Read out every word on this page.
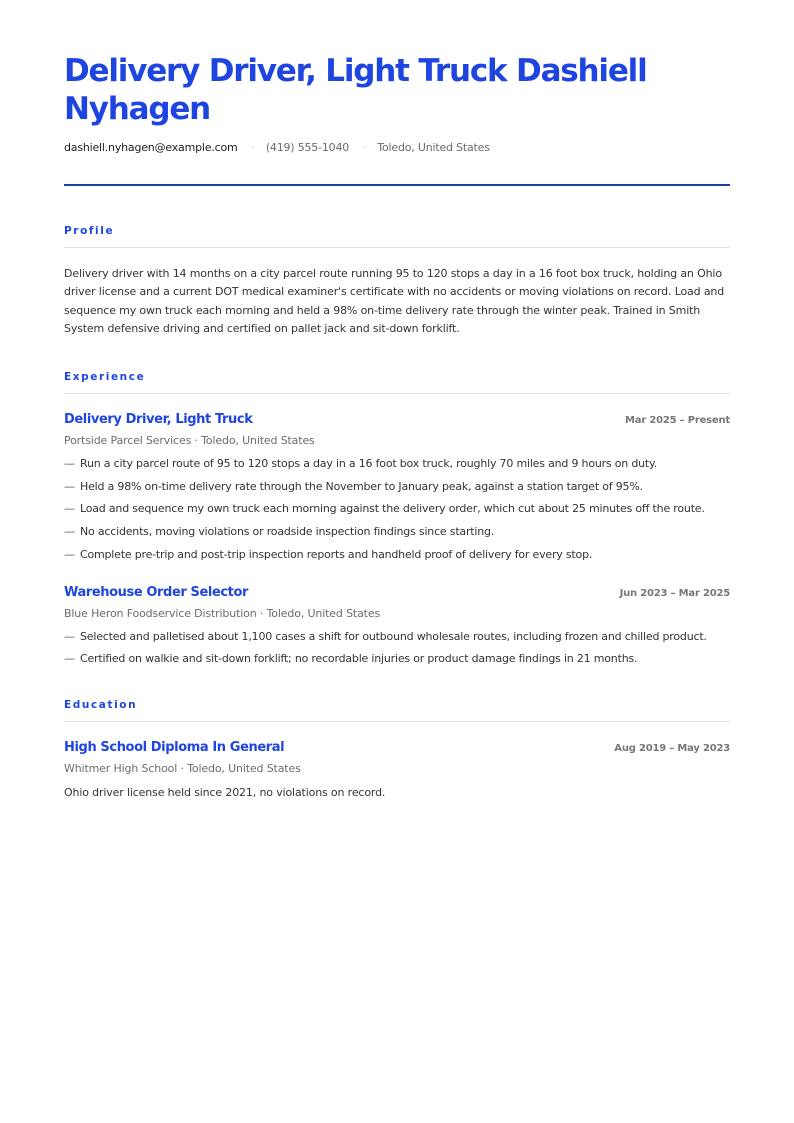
Delivery Driver, Light Truck Dashiell Nyhagen
dashiell.nyhagen@example.com · (419) 555-1040 · Toledo, United States
Profile

Delivery driver with 14 months on a city parcel route running 95 to 120 stops a day in a 16 foot box truck, holding an Ohio driver license and a current DOT medical examiner's certificate with no accidents or moving violations on record. Load and sequence my own truck each morning and held a 98% on-time delivery rate through the winter peak. Trained in Smith System defensive driving and certified on pallet jack and sit-down forklift.

Experience
Delivery Driver, Light Truck	Mar 2025 – Present
Portside Parcel Services · Toledo, United States
— Run a city parcel route of 95 to 120 stops a day in a 16 foot box truck, roughly 70 miles and 9 hours on duty.
— Held a 98% on-time delivery rate through the November to January peak, against a station target of 95%.
— Load and sequence my own truck each morning against the delivery order, which cut about 25 minutes off the route.
— No accidents, moving violations or roadside inspection findings since starting.
— Complete pre-trip and post-trip inspection reports and handheld proof of delivery for every stop.
Warehouse Order Selector	Jun 2023 – Mar 2025
Blue Heron Foodservice Distribution · Toledo, United States
— Selected and palletised about 1,100 cases a shift for outbound wholesale routes, including frozen and chilled product.
— Certified on walkie and sit-down forklift; no recordable injuries or product damage findings in 21 months.
Education
High School Diploma In General	Aug 2019 – May 2023
Whitmer High School · Toledo, United States

Ohio driver license held since 2021, no violations on record.
